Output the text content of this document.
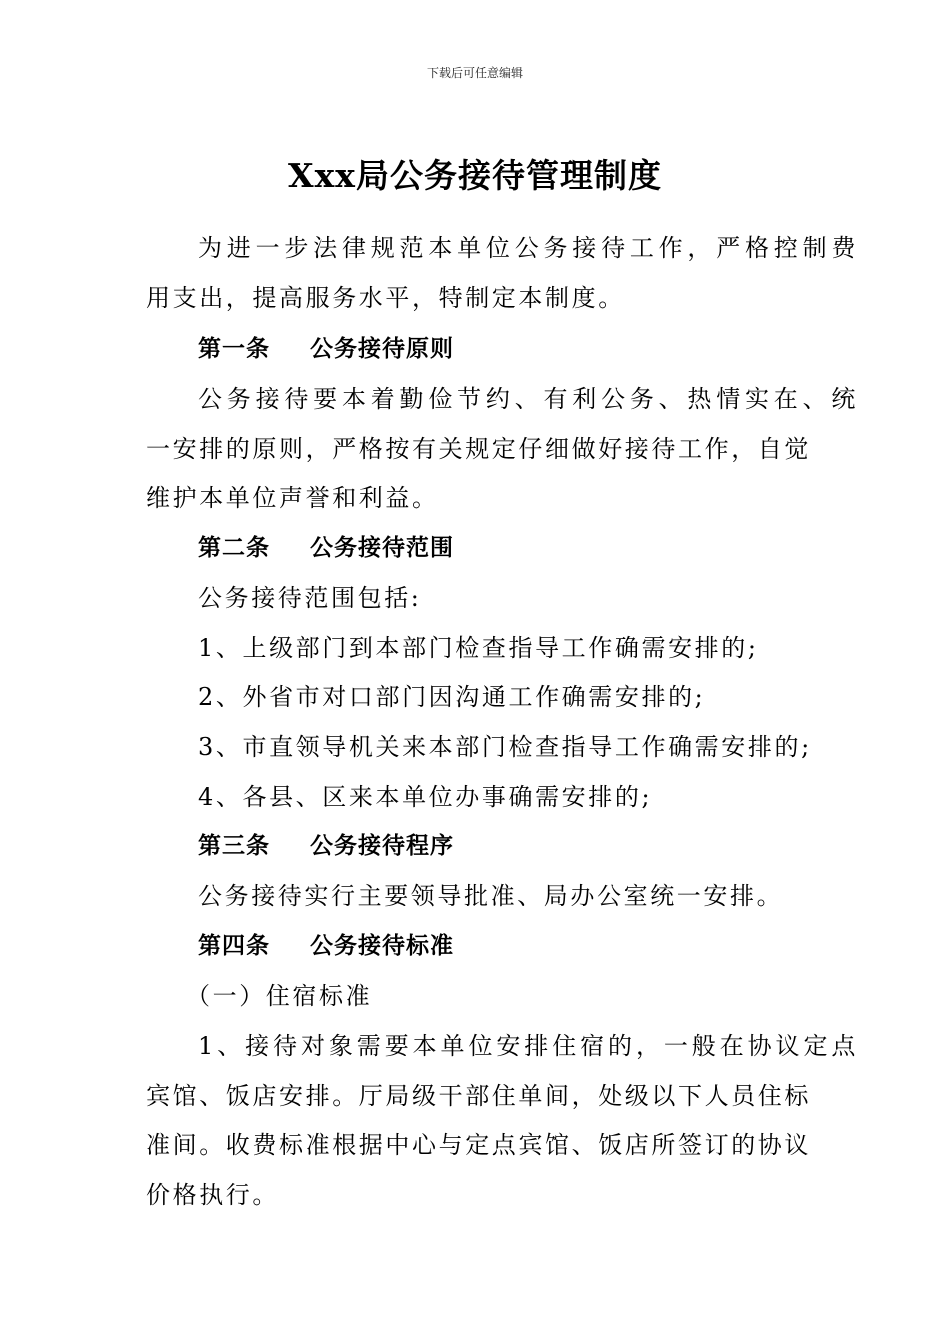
下载后可任意编辑
Xxx局公务接待管理制度
为进一步法律规范本单位公务接待工作，严格控制费
用支出，提高服务水平，特制定本制度。
第一条 公务接待原则
公务接待要本着勤俭节约、有利公务、热情实在、统
一安排的原则，严格按有关规定仔细做好接待工作，自觉
维护本单位声誉和利益。
第二条 公务接待范围
公务接待范围包括:
1、上级部门到本部门检查指导工作确需安排的;
2、外省市对口部门因沟通工作确需安排的;
3、市直领导机关来本部门检查指导工作确需安排的;
4、各县、区来本单位办事确需安排的;
第三条 公务接待程序
公务接待实行主要领导批准、局办公室统一安排。
第四条 公务接待标准
（一）住宿标准
1、接待对象需要本单位安排住宿的，一般在协议定点
宾馆、饭店安排。厅局级干部住单间，处级以下人员住标
准间。收费标准根据中心与定点宾馆、饭店所签订的协议
价格执行。
